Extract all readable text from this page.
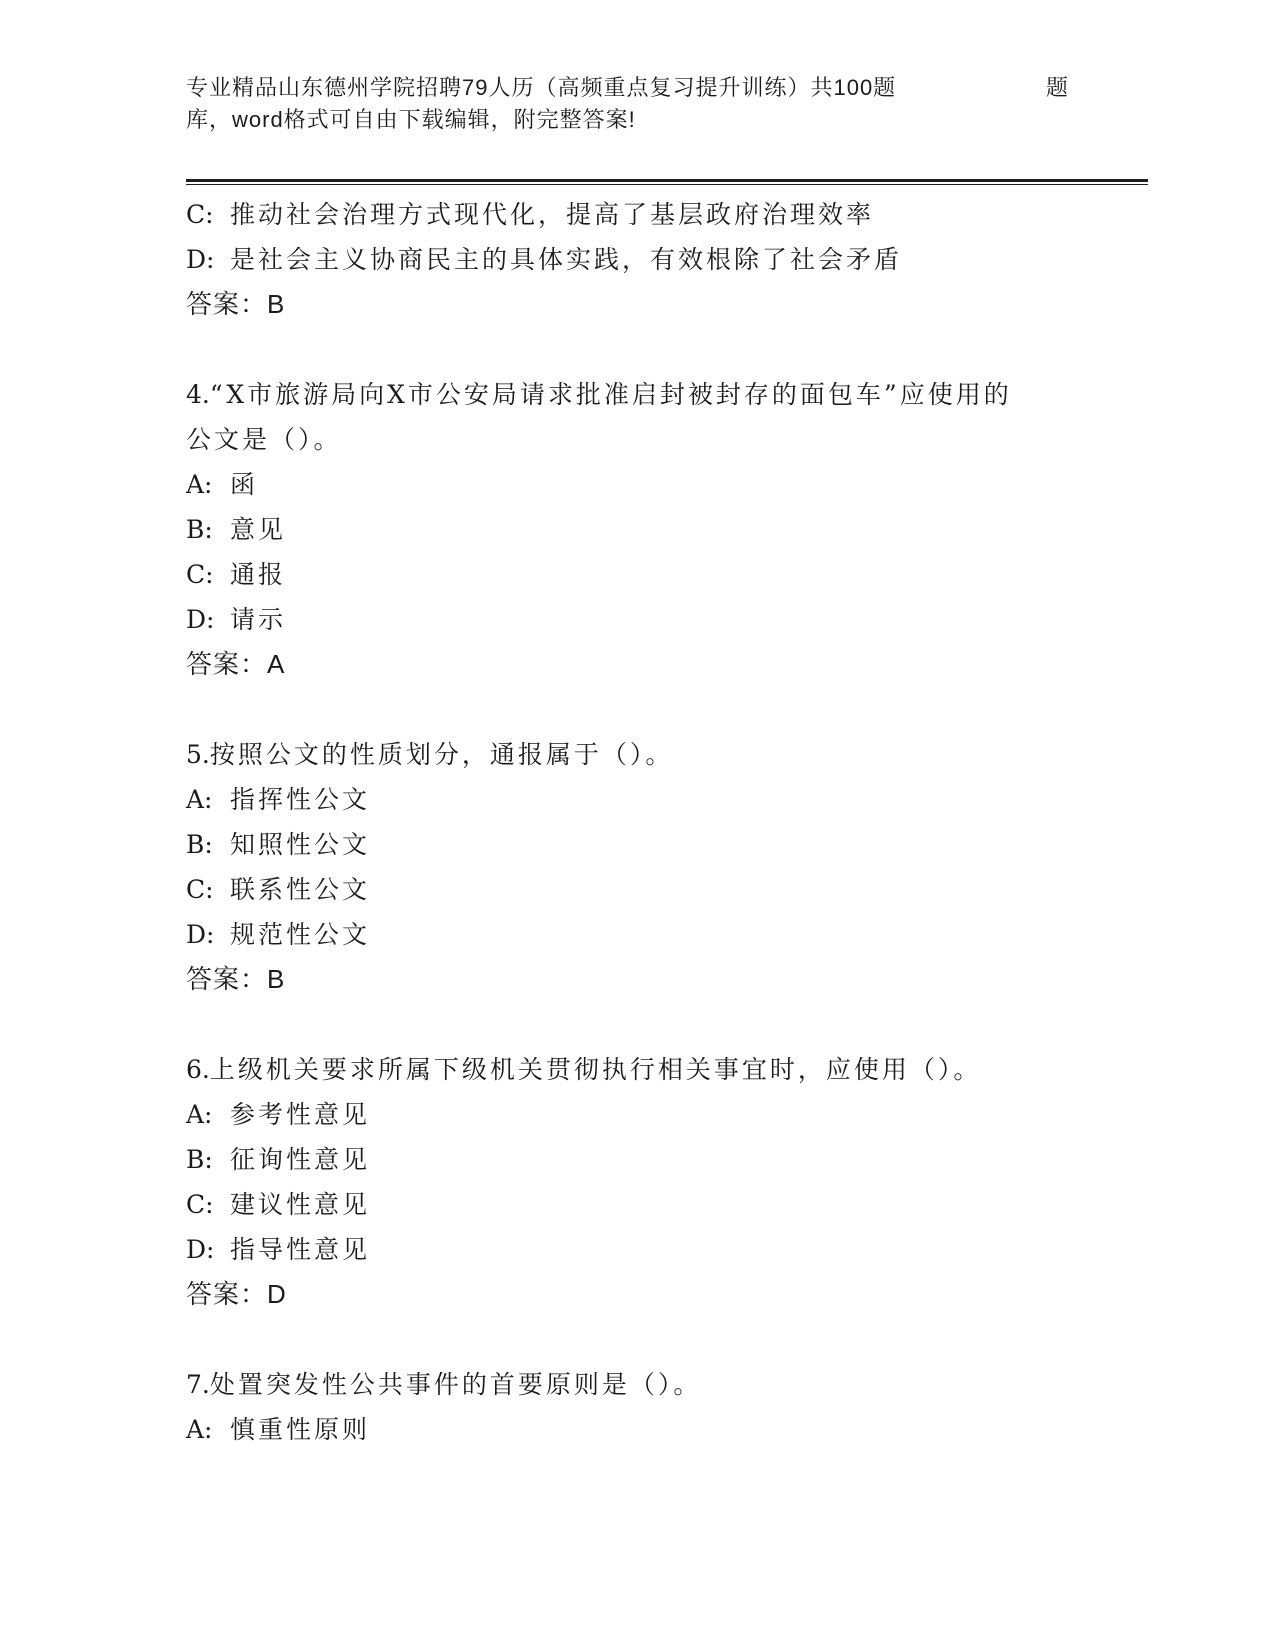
专业精品山东德州学院招聘79人历（高频重点复习提升训练）共100题	题
库，word格式可自由下载编辑，附完整答案!
C: 推动社会治理方式现代化，提高了基层政府治理效率
D: 是社会主义协商民主的具体实践，有效根除了社会矛盾
答案：B
4.“X市旅游局向X市公安局请求批准启封被封存的面包车”应使用的
公文是（）。
A: 函
B: 意见
C: 通报
D: 请示
答案：A
5.按照公文的性质划分，通报属于（）。
A: 指挥性公文
B: 知照性公文
C: 联系性公文
D: 规范性公文
答案：B
6.上级机关要求所属下级机关贯彻执行相关事宜时，应使用（）。
A: 参考性意见
B: 征询性意见
C: 建议性意见
D: 指导性意见
答案：D
7.处置突发性公共事件的首要原则是（）。
A: 慎重性原则
